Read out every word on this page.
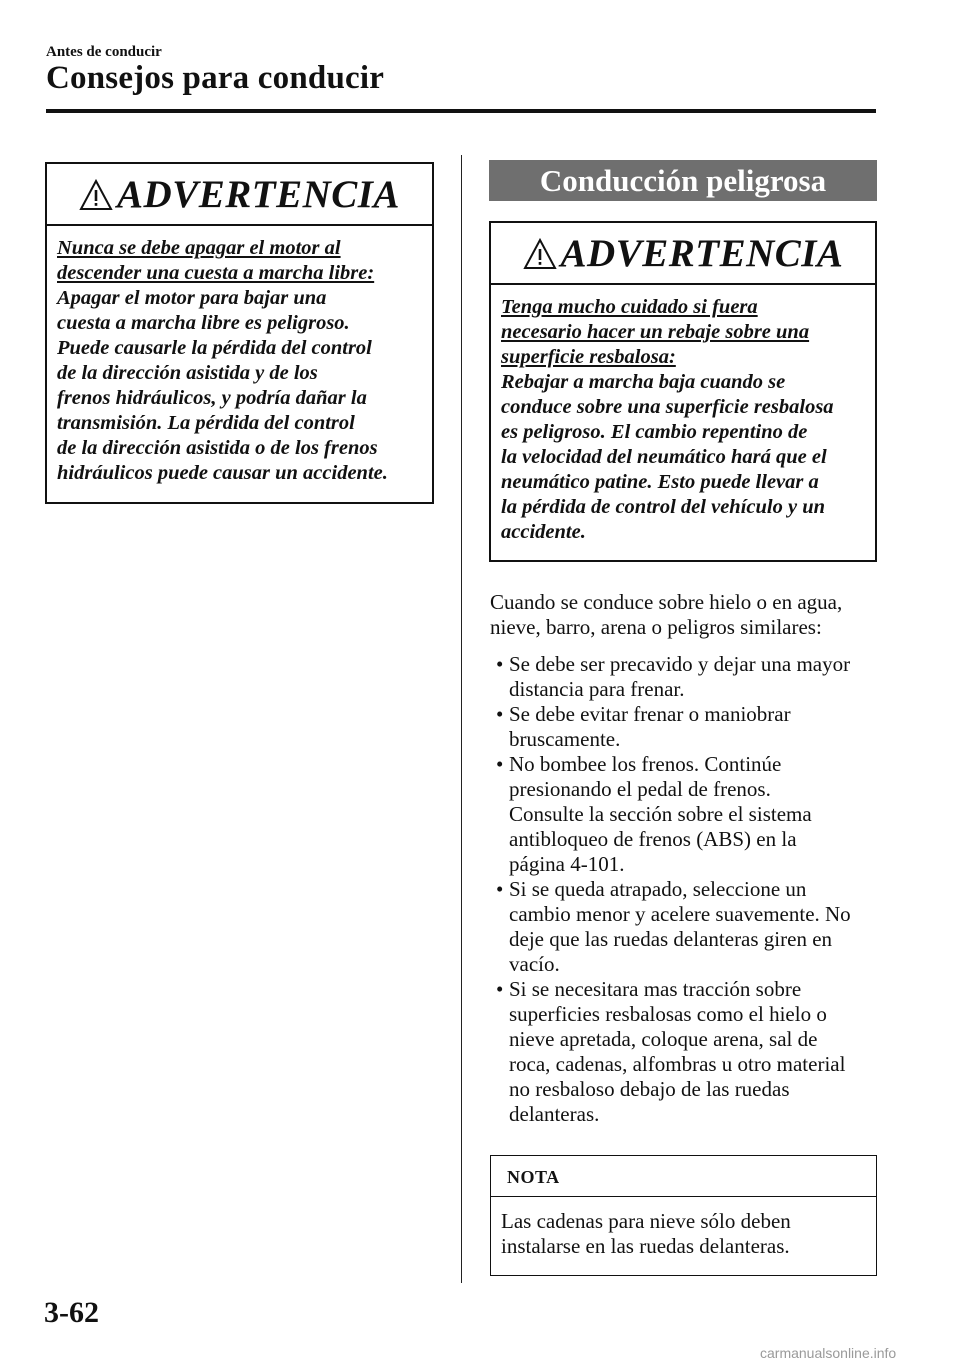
Antes de conducir
Consejos para conducir
ADVERTENCIA
Nunca se debe apagar el motor al
descender una cuesta a marcha libre:
Apagar el motor para bajar una
cuesta a marcha libre es peligroso.
Puede causarle la pérdida del control
de la dirección asistida y de los
frenos hidráulicos, y podría dañar la
transmisión. La pérdida del control
de la dirección asistida o de los frenos
hidráulicos puede causar un accidente.
Conducción peligrosa
ADVERTENCIA
Tenga mucho cuidado si fuera
necesario hacer un rebaje sobre una
superficie resbalosa:
Rebajar a marcha baja cuando se
conduce sobre una superficie resbalosa
es peligroso. El cambio repentino de
la velocidad del neumático hará que el
neumático patine. Esto puede llevar a
la pérdida de control del vehículo y un
accidente.
Cuando se conduce sobre hielo o en agua,
nieve, barro, arena o peligros similares:
• Se debe ser precavido y dejar una mayor
distancia para frenar.
• Se debe evitar frenar o maniobrar
bruscamente.
• No bombee los frenos. Continúe
presionando el pedal de frenos.
Consulte la sección sobre el sistema
antibloqueo de frenos (ABS) en la
página 4-101.
• Si se queda atrapado, seleccione un
cambio menor y acelere suavemente. No
deje que las ruedas delanteras giren en
vacío.
• Si se necesitara mas tracción sobre
superficies resbalosas como el hielo o
nieve apretada, coloque arena, sal de
roca, cadenas, alfombras u otro material
no resbaloso debajo de las ruedas
delanteras.
NOTA
Las cadenas para nieve sólo deben
instalarse en las ruedas delanteras.
3-62
carmanualsonline.info
